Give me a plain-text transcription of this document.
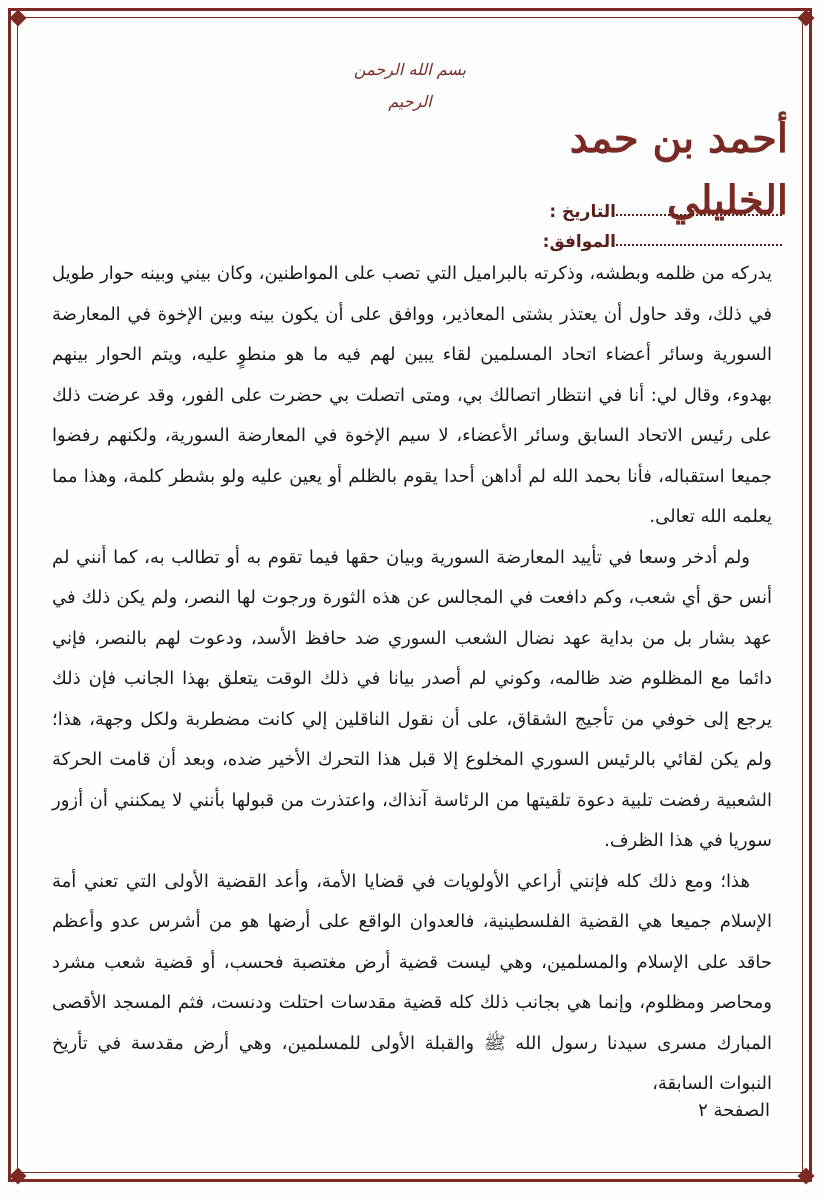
بسم الله الرحمن الرحيم
أحمد بن حمد الخليلي
التاريخ :
الموافق:

يدركه من ظلمه وبطشه، وذكرته بالبراميل التي تصب على المواطنين، وكان بيني وبينه حوار طويل في ذلك، وقد حاول أن يعتذر بشتى المعاذير، ووافق على أن يكون بينه وبين الإخوة في المعارضة السورية وسائر أعضاء اتحاد المسلمين لقاء يبين لهم فيه ما هو منطوٍ عليه، ويتم الحوار بينهم بهدوء، وقال لي: أنا في انتظار اتصالك بي، ومتى اتصلت بي حضرت على الفور، وقد عرضت ذلك على رئيس الاتحاد السابق وسائر الأعضاء، لا سيم الإخوة في المعارضة السورية، ولكنهم رفضوا جميعا استقباله، فأنا بحمد الله لم أداهن أحدا يقوم بالظلم أو يعين عليه ولو بشطر كلمة، وهذا مما يعلمه الله تعالى.

ولم أدخر وسعا في تأييد المعارضة السورية وبيان حقها فيما تقوم به أو تطالب به، كما أنني لم أنس حق أي شعب، وكم دافعت في المجالس عن هذه الثورة ورجوت لها النصر، ولم يكن ذلك في عهد بشار بل من بداية عهد نضال الشعب السوري ضد حافظ الأسد، ودعوت لهم بالنصر، فإني دائما مع المظلوم ضد ظالمه، وكوني لم أصدر بيانا في ذلك الوقت يتعلق بهذا الجانب فإن ذلك يرجع إلى خوفي من تأجيج الشقاق، على أن نقول الناقلين إلي كانت مضطربة ولكل وجهة، هذا؛ ولم يكن لقائي بالرئيس السوري المخلوع إلا قبل هذا التحرك الأخير ضده، وبعد أن قامت الحركة الشعبية رفضت تلبية دعوة تلقيتها من الرئاسة آنذاك، واعتذرت من قبولها بأنني لا يمكنني أن أزور سوريا في هذا الظرف.

هذا؛ ومع ذلك كله فإنني أراعي الأولويات في قضايا الأمة، وأعد القضية الأولى التي تعني أمة الإسلام جميعا هي القضية الفلسطينية، فالعدوان الواقع على أرضها هو من أشرس عدو وأعظم حاقد على الإسلام والمسلمين، وهي ليست قضية أرض مغتصبة فحسب، أو قضية شعب مشرد ومحاصر ومظلوم، وإنما هي بجانب ذلك كله قضية مقدسات احتلت ودنست، فثم المسجد الأقصى المبارك مسرى سيدنا رسول الله ﷺ والقبلة الأولى للمسلمين، وهي أرض مقدسة في تأريخ النبوات السابقة،

الصفحة ٢
